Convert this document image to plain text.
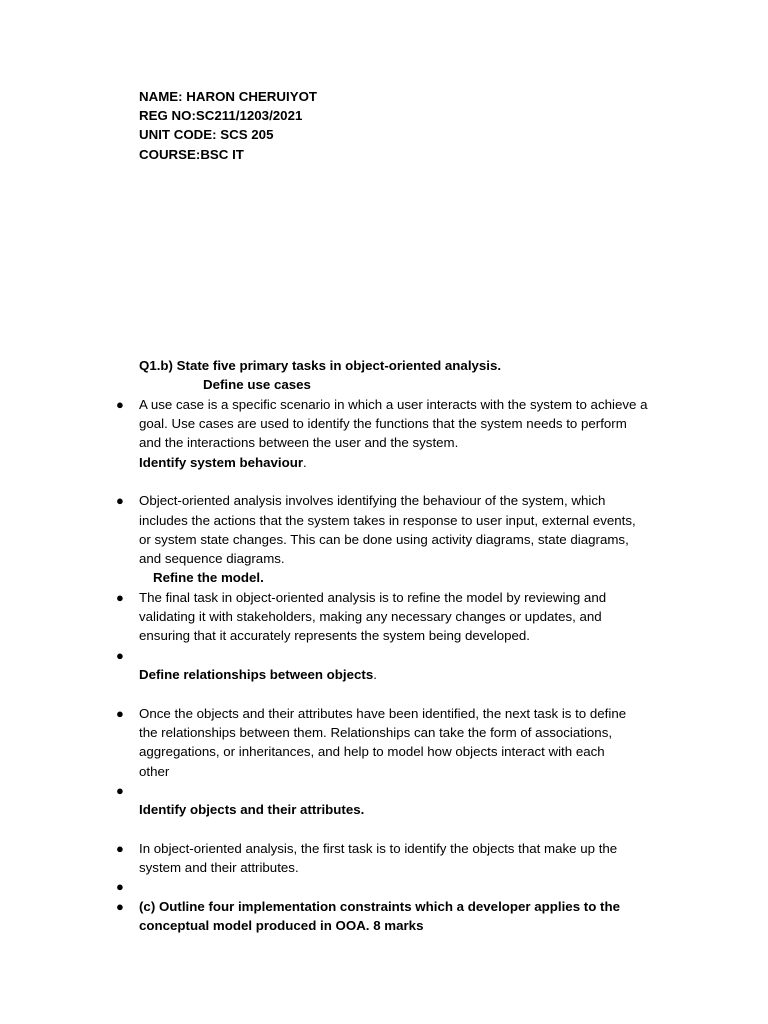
NAME: HARON CHERUIYOT
REG NO:SC211/1203/2021
UNIT CODE: SCS 205
COURSE:BSC IT
Q1.b) State five primary tasks in object-oriented analysis.
Define use cases
● A use case is a specific scenario in which a user interacts with the system to achieve a
goal. Use cases are used to identify the functions that the system needs to perform
and the interactions between the user and the system.
Identify system behaviour.
● Object-oriented analysis involves identifying the behaviour of the system, which
includes the actions that the system takes in response to user input, external events,
or system state changes. This can be done using activity diagrams, state diagrams,
and sequence diagrams.
Refine the model.
● The final task in object-oriented analysis is to refine the model by reviewing and
validating it with stakeholders, making any necessary changes or updates, and
ensuring that it accurately represents the system being developed.
●
Define relationships between objects.
● Once the objects and their attributes have been identified, the next task is to define
the relationships between them. Relationships can take the form of associations,
aggregations, or inheritances, and help to model how objects interact with each
other
●
Identify objects and their attributes.
● In object-oriented analysis, the first task is to identify the objects that make up the
system and their attributes.
●
● (c) Outline four implementation constraints which a developer applies to the
conceptual model produced in OOA. 8 marks
